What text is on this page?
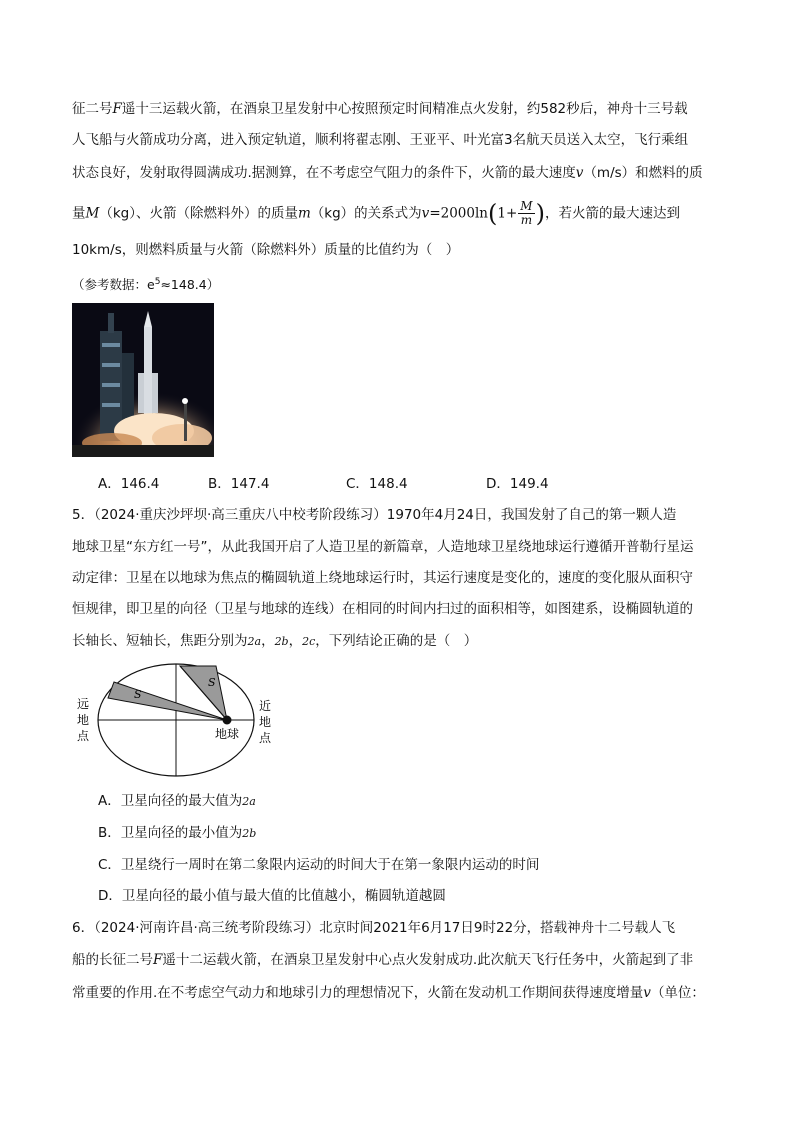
征二号F遥十三运载火箭，在酒泉卫星发射中心按照预定时间精准点火发射，约582秒后，神舟十三号载
人飞船与火箭成功分离，进入预定轨道，顺利将翟志刚、王亚平、叶光富3名航天员送入太空，飞行乘组
状态良好，发射取得圆满成功.据测算，在不考虑空气阻力的条件下，火箭的最大速度v（m/s）和燃料的质
量M（kg）、火箭（除燃料外）的质量m（kg）的关系式为$v=2000\ln(1+ \frac{M}{m}$ )，若火箭的最大速达到
10km/s，则燃料质量与火箭（除燃料外）质量的比值约为（　）
（参考数据：$e^5\approx 148.4$）
A．146.4	B．147.4	C．148.4	D．149.4
5．（2024·重庆沙坪坝·高三重庆八中校考阶段练习）1970年4月24日，我国发射了自己的第一颗人造
地球卫星“东方红一号”，从此我国开启了人造卫星的新篇章，人造地球卫星绕地球运行遵循开普勒行星运
动定律：卫星在以地球为焦点的椭圆轨道上绕地球运行时，其运行速度是变化的，速度的变化服从面积守
恒规律，即卫星的向径（卫星与地球的连线）在相同的时间内扫过的面积相等，如图建系，设椭圆轨道的
长轴长、短轴长，焦距分别为2a，2b，2c，下列结论正确的是（　）
S
S
远
地
点
近
地
点
地球
A．卫星向径的最大值为2a
B．卫星向径的最小值为2b
C．卫星绕行一周时在第二象限内运动的时间大于在第一象限内运动的时间
D．卫星向径的最小值与最大值的比值越小，椭圆轨道越圆
6．（2024·河南许昌·高三统考阶段练习）北京时间2021年6月17日9时22分，搭载神舟十二号载人飞
船的长征二号F遥十二运载火箭，在酒泉卫星发射中心点火发射成功.此次航天飞行任务中，火箭起到了非
常重要的作用.在不考虑空气动力和地球引力的理想情况下，火箭在发动机工作期间获得速度增量v（单位：
